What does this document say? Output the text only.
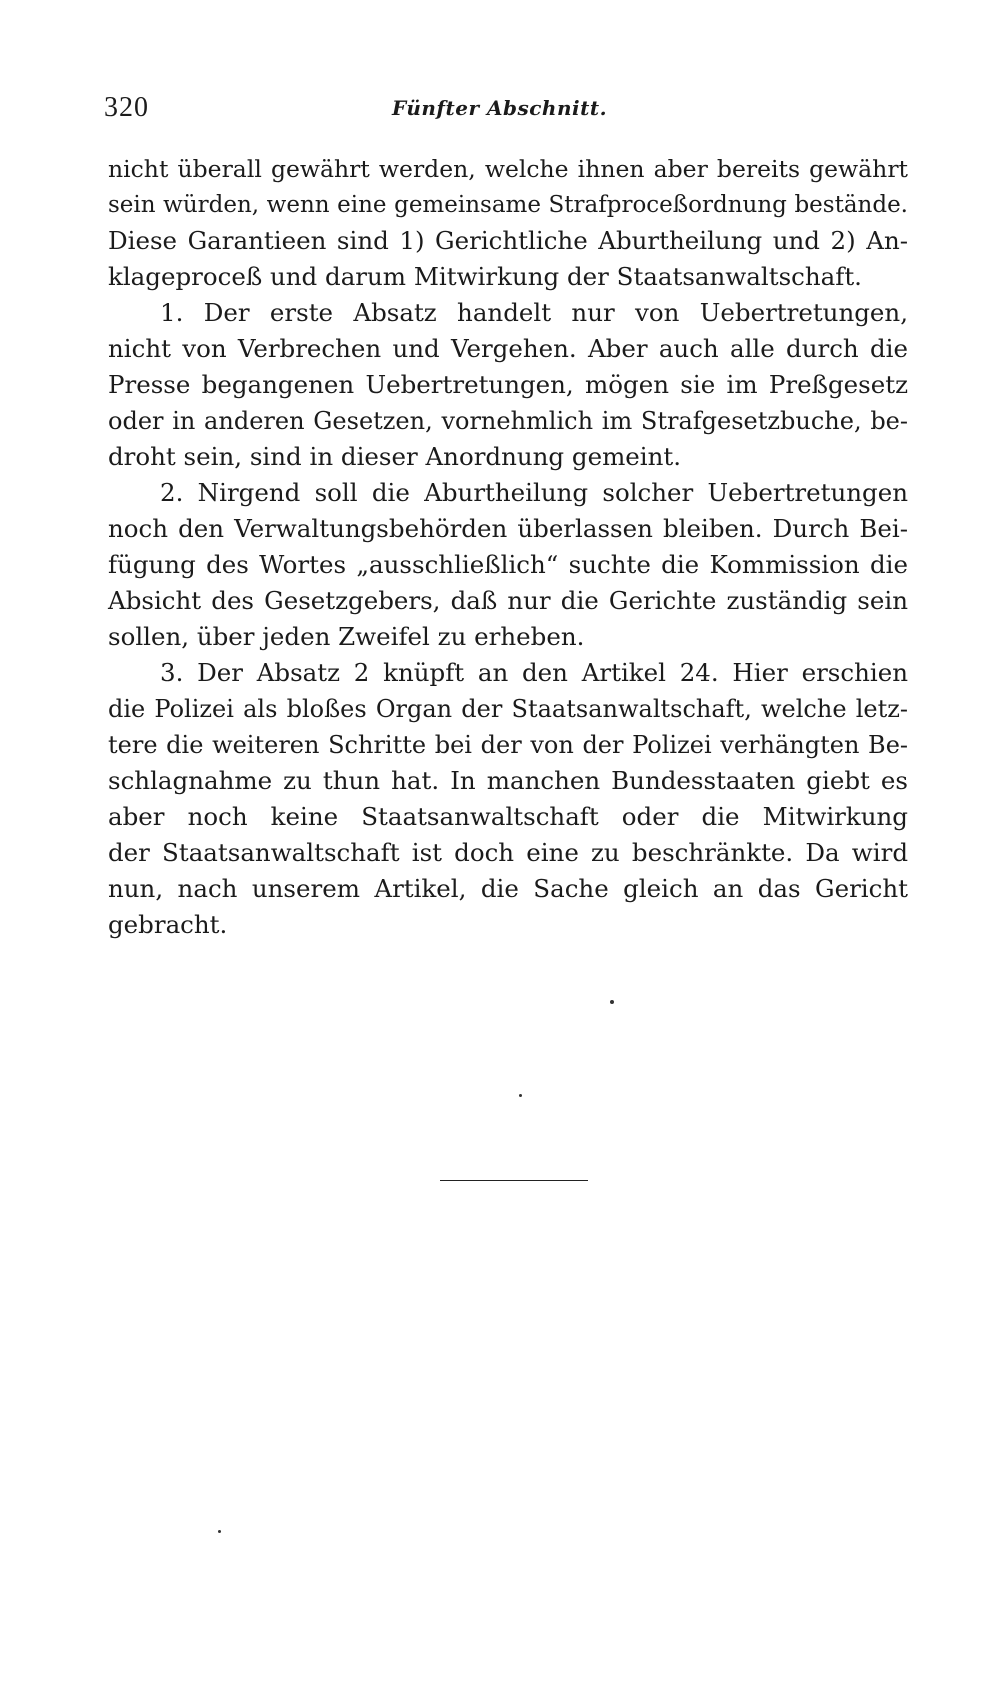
320	Fünfter Abschnitt.
nicht überall gewährt werden, welche ihnen aber bereits gewährt
sein würden, wenn eine gemeinsame Strafproceßordnung bestände.
Diese Garantieen sind 1) Gerichtliche Aburtheilung und 2) An-
klageproceß und darum Mitwirkung der Staatsanwaltschaft.
1. Der erste Absatz handelt nur von Uebertretungen,
nicht von Verbrechen und Vergehen. Aber auch alle durch die
Presse begangenen Uebertretungen, mögen sie im Preßgesetz
oder in anderen Gesetzen, vornehmlich im Strafgesetzbuche, be-
droht sein, sind in dieser Anordnung gemeint.
2. Nirgend soll die Aburtheilung solcher Uebertretungen
noch den Verwaltungsbehörden überlassen bleiben. Durch Bei-
fügung des Wortes „ausschließlich“ suchte die Kommission die
Absicht des Gesetzgebers, daß nur die Gerichte zuständig sein
sollen, über jeden Zweifel zu erheben.
3. Der Absatz 2 knüpft an den Artikel 24. Hier erschien
die Polizei als bloßes Organ der Staatsanwaltschaft, welche letz-
tere die weiteren Schritte bei der von der Polizei verhängten Be-
schlagnahme zu thun hat. In manchen Bundesstaaten giebt es
aber noch keine Staatsanwaltschaft oder die Mitwirkung
der Staatsanwaltschaft ist doch eine zu beschränkte. Da wird
nun, nach unserem Artikel, die Sache gleich an das Gericht
gebracht.
